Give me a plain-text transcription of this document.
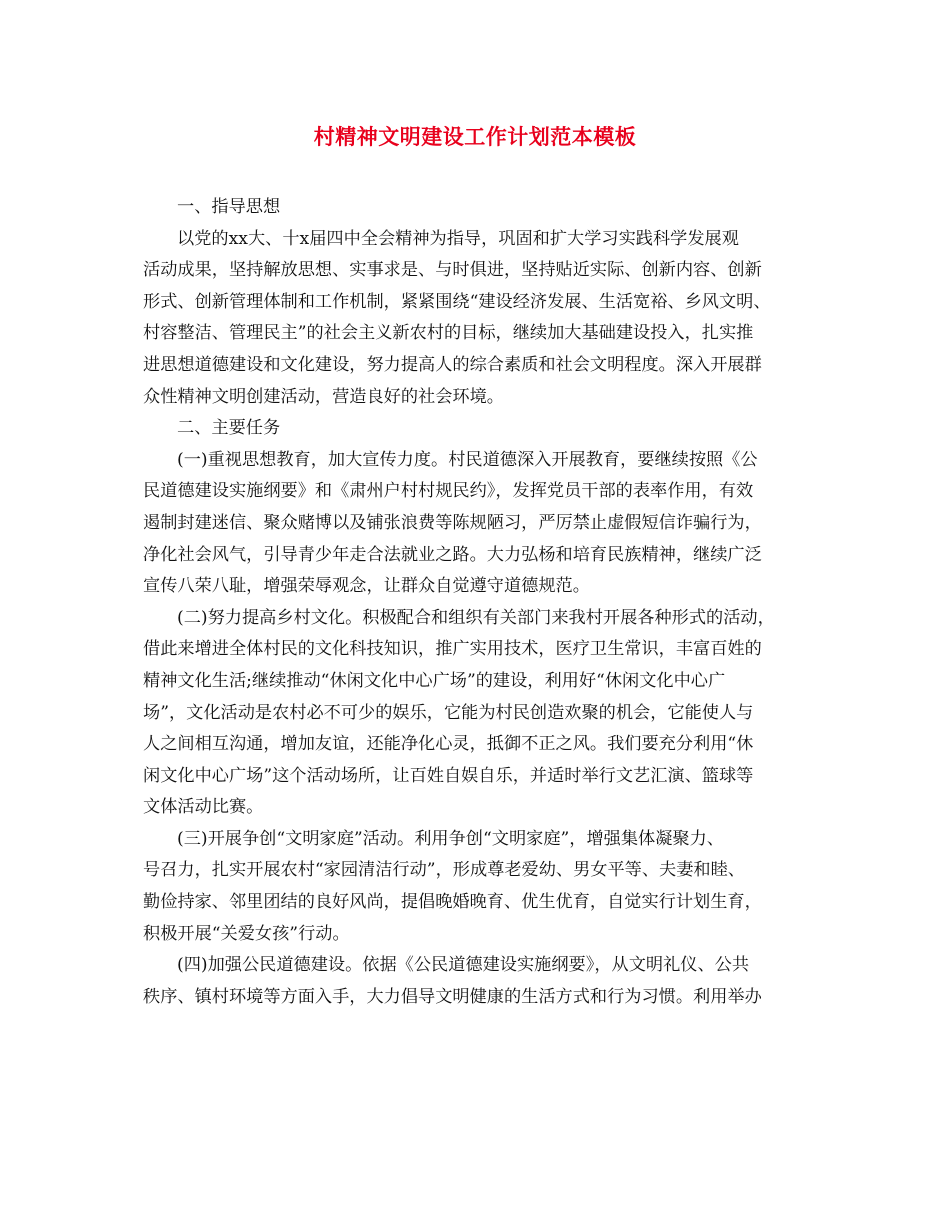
村精神文明建设工作计划范本模板
一、指导思想
以党的xx大、十x届四中全会精神为指导，巩固和扩大学习实践科学发展观
活动成果，坚持解放思想、实事求是、与时俱进，坚持贴近实际、创新内容、创新
形式、创新管理体制和工作机制，紧紧围绕“建设经济发展、生活宽裕、乡风文明、
村容整洁、管理民主”的社会主义新农村的目标，继续加大基础建设投入，扎实推
进思想道德建设和文化建设，努力提高人的综合素质和社会文明程度。深入开展群
众性精神文明创建活动，营造良好的社会环境。
二、主要任务
(一)重视思想教育，加大宣传力度。村民道德深入开展教育，要继续按照《公
民道德建设实施纲要》和《肃州户村村规民约》，发挥党员干部的表率作用，有效
遏制封建迷信、聚众赌博以及铺张浪费等陈规陋习，严厉禁止虚假短信诈骗行为，
净化社会风气，引导青少年走合法就业之路。大力弘杨和培育民族精神，继续广泛
宣传八荣八耻，增强荣辱观念，让群众自觉遵守道德规范。
(二)努力提高乡村文化。积极配合和组织有关部门来我村开展各种形式的活动，
借此来增进全体村民的文化科技知识，推广实用技术，医疗卫生常识，丰富百姓的
精神文化生活;继续推动“休闲文化中心广场”的建设，利用好“休闲文化中心广
场”，文化活动是农村必不可少的娱乐，它能为村民创造欢聚的机会，它能使人与
人之间相互沟通，增加友谊，还能净化心灵，抵御不正之风。我们要充分利用“休
闲文化中心广场”这个活动场所，让百姓自娱自乐，并适时举行文艺汇演、篮球等
文体活动比赛。
(三)开展争创“文明家庭”活动。利用争创“文明家庭”，增强集体凝聚力、
号召力，扎实开展农村“家园清洁行动”，形成尊老爱幼、男女平等、夫妻和睦、
勤俭持家、邻里团结的良好风尚，提倡晚婚晚育、优生优育，自觉实行计划生育，
积极开展“关爱女孩”行动。
(四)加强公民道德建设。依据《公民道德建设实施纲要》，从文明礼仪、公共
秩序、镇村环境等方面入手，大力倡导文明健康的生活方式和行为习惯。利用举办
